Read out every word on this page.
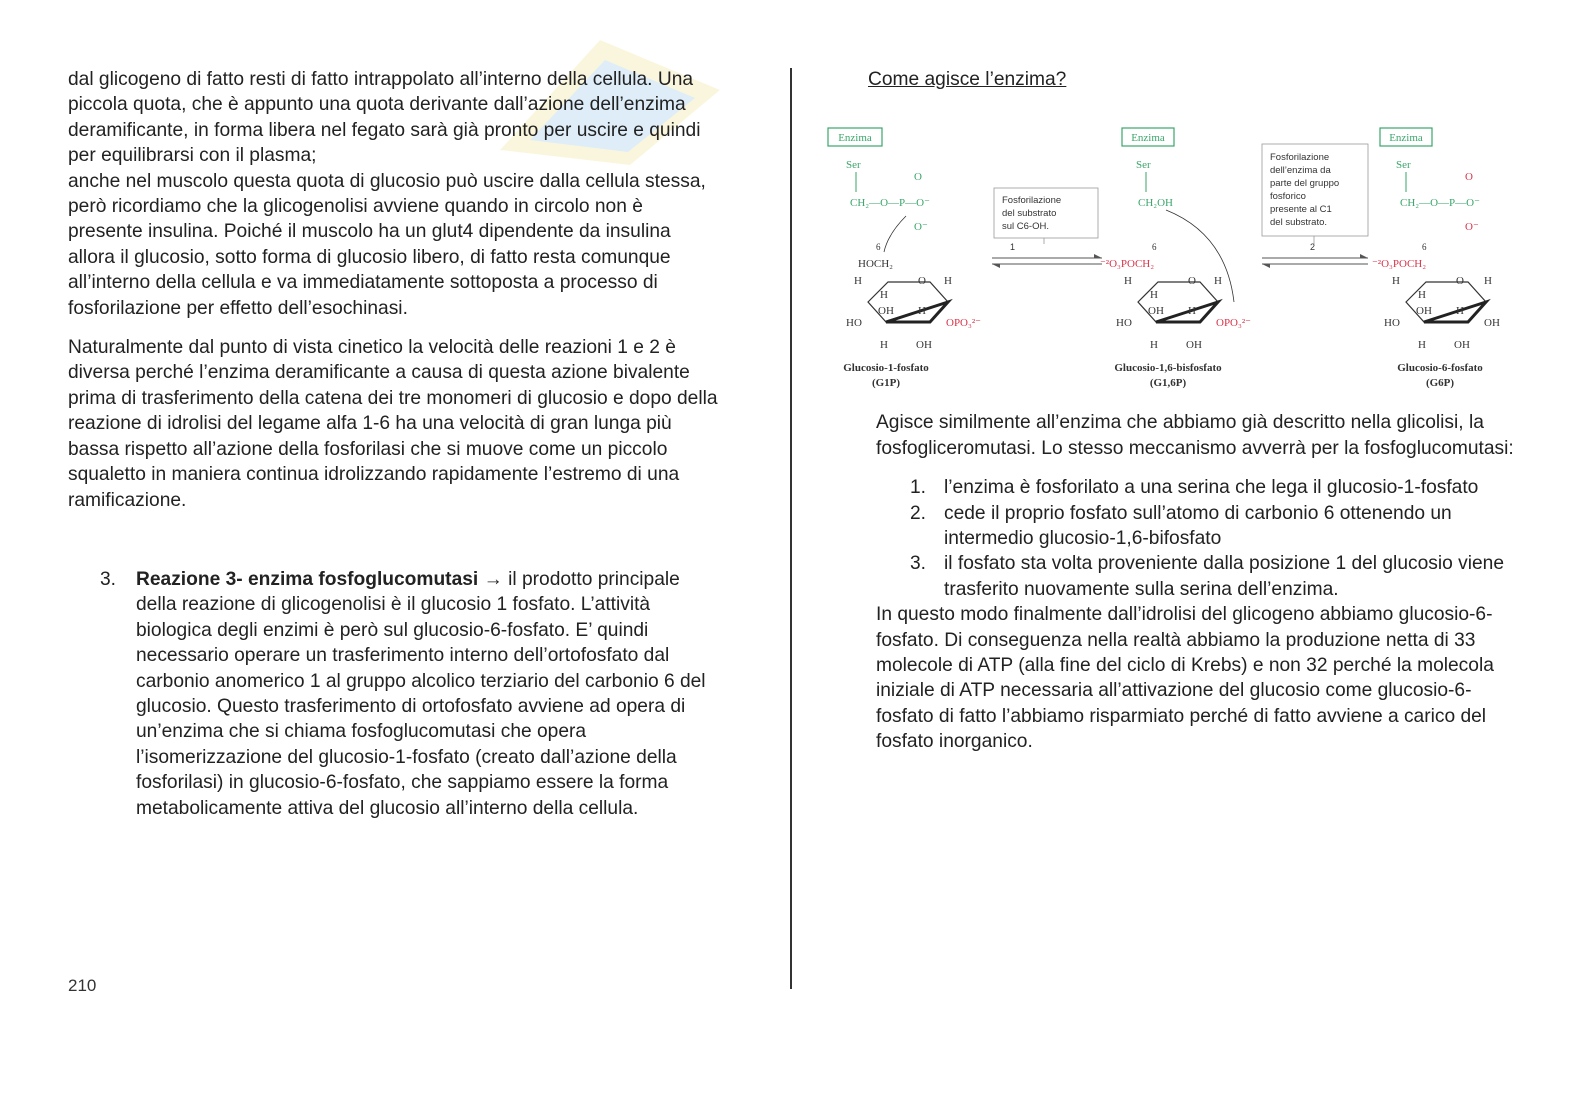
dal glicogeno di fatto resti di fatto intrappolato all’interno della cellula. Una piccola quota, che è appunto una quota derivante dall’azione dell’enzima deramificante, in forma libera nel fegato sarà già pronto per uscire e quindi per equilibrarsi con il plasma;

anche nel muscolo questa quota di glucosio può uscire dalla cellula stessa, però ricordiamo che la glicogenolisi avviene quando in circolo non è presente insulina. Poiché il muscolo ha un glut4 dipendente da insulina allora il glucosio, sotto forma di glucosio libero, di fatto resta comunque all’interno della cellula e va immediatamente sottoposta a processo di fosforilazione per effetto dell’esochinasi.

Naturalmente dal punto di vista cinetico la velocità delle reazioni 1 e 2 è diversa perché l’enzima deramificante a causa di questa azione bivalente prima di trasferimento della catena dei tre monomeri di glucosio e dopo della reazione di idrolisi del legame alfa 1-6 ha una velocità di gran lunga più bassa rispetto all’azione della fosforilasi che si muove come un piccolo squaletto in maniera continua idrolizzando rapidamente l’estremo di una ramificazione.

3. Reazione 3- enzima fosfoglucomutasi → il prodotto principale della reazione di glicogenolisi è il glucosio 1 fosfato. L’attività biologica degli enzimi è però sul glucosio-6-fosfato. E’ quindi necessario operare un trasferimento interno dell’ortofosfato dal carbonio anomerico 1 al gruppo alcolico terziario del carbonio 6 del glucosio. Questo trasferimento di ortofosfato avviene ad opera di un’enzima che si chiama fosfoglucomutasi che opera l’isomerizzazione del glucosio-1-fosfato (creato dall’azione della fosforilasi) in glucosio-6-fosfato, che sappiamo essere la forma metabolicamente attiva del glucosio all’interno della cellula.

Come agisce l’enzima?

Agisce similmente all’enzima che abbiamo già descritto nella glicolisi, la fosfogliceromutasi. Lo stesso meccanismo avverrà per la fosfoglucomutasi:

1. l’enzima è fosforilato a una serina che lega il glucosio-1-fosfato
2. cede il proprio fosfato sull’atomo di carbonio 6 ottenendo un intermedio glucosio-1,6-bifosfato
3. il fosfato sta volta proveniente dalla posizione 1 del glucosio viene trasferito nuovamente sulla serina dell’enzima.

In questo modo finalmente dall’idrolisi del glicogeno abbiamo glucosio-6-fosfato. Di conseguenza nella realtà abbiamo la produzione netta di 33 molecole di ATP (alla fine del ciclo di Krebs) e non 32 perché la molecola iniziale di ATP necessaria all’attivazione del glucosio come glucosio-6-fosfato di fatto l’abbiamo risparmiato perché di fatto avviene a carico del fosfato inorganico.

Enzima
Ser
CH₂—O—P—O⁻
O
O⁻
6
HOCH₂
H	O H
H
OH H
HO	OPO₃²⁻
H	OH
Glucosio-1-fosfato
(G1P)
Fosforilazione
del substrato
sul C6-OH.
1
Enzima
Ser
CH₂OH
6
⁻²O₃POCH₂
H	O H
H
OH H
HO	OPO₃²⁻
H	OH
Glucosio-1,6-bisfosfato
(G1,6P)
Fosforilazione
dell’enzima da
parte del gruppo
fosforico
presente al C1
del substrato.
2
Enzima
Ser
CH₂—O—P—O⁻
O
O⁻
6
⁻²O₃POCH₂
H	O H
H
OH H
HO	OH
H	OH
Glucosio-6-fosfato
(G6P)
210
